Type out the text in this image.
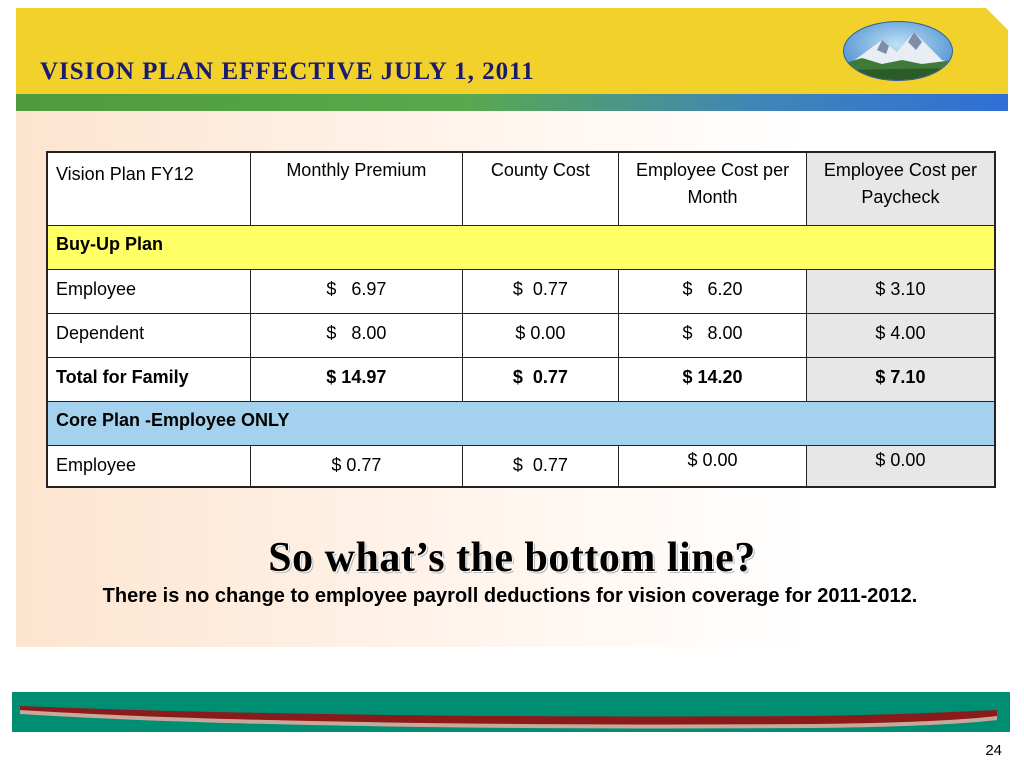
VISION PLAN EFFECTIVE JULY 1, 2011
Vision Plan FY12	Monthly Premium	County Cost	Employee Cost per Month	Employee Cost per Paycheck
Buy-Up Plan				
Employee	$   6.97	$  0.77	$   6.20	$ 3.10
Dependent	$   8.00	$ 0.00	$   8.00	$ 4.00
Total for Family	$ 14.97	$  0.77	$ 14.20	$ 7.10
Core Plan -Employee ONLY				
Employee	$ 0.77	$  0.77	$ 0.00	$ 0.00
So what’s the bottom line?
There is no change to employee payroll deductions for vision coverage for 2011-2012.
24
